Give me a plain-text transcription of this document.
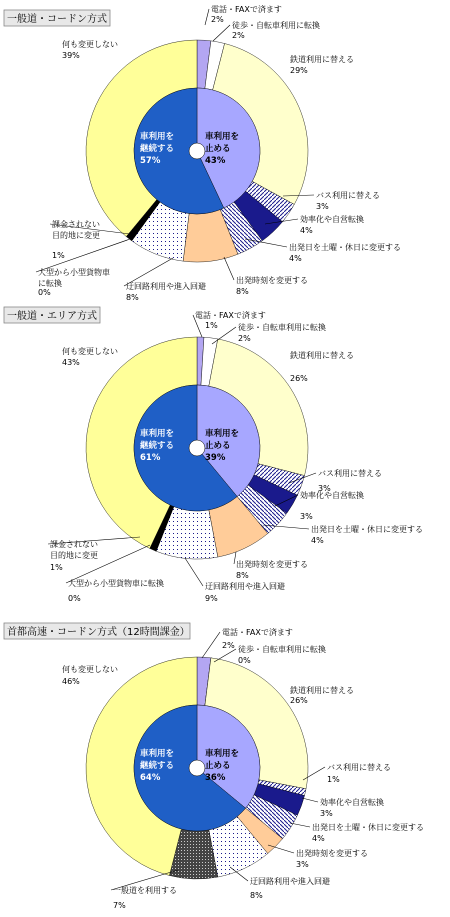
一般道・コードン方式
車利用を
止める
43%
車利用を
継続する
57%
電話・FAXで済ます
2%
徒歩・自転車利用に転換
2%
鉄道利用に替える
29%
バス利用に替える
3%
効率化や自営転換
4%
出発日を土曜・休日に変更する
4%
出発時刻を変更する
8%
迂回路利用や進入回避
8%
大型から小型貨物車
に転換
0%
課金されない
目的地に変更
1%
何も変更しない
39%
一般道・エリア方式
車利用を
止める
39%
車利用を
継続する
61%
電話・FAXで済ます
1%	徒歩・自転車利用に転換
2%
鉄道利用に替える
26%
バス利用に替える
3%
効率化や自営転換
3%
出発日を土曜・休日に変更する
4%
出発時刻を変更する
8%
迂回路利用や進入回避
9%
大型から小型貨物車に転換
0%
課金されない
目的地に変更
1%
何も変更しない
43%
首都高速・コードン方式（12時間課金）
車利用を
止める
36%
車利用を
継続する
64%
電話・FAXで済ます
2% 徒歩・自転車利用に転換
0%
鉄道利用に替える
26%
バス利用に替える
1%
効率化や自営転換
3%
出発日を土曜・休日に変更する
4%
出発時刻を変更する
3%
迂回路利用や進入回避
8%
一般道を利用する
7%
何も変更しない
46%
